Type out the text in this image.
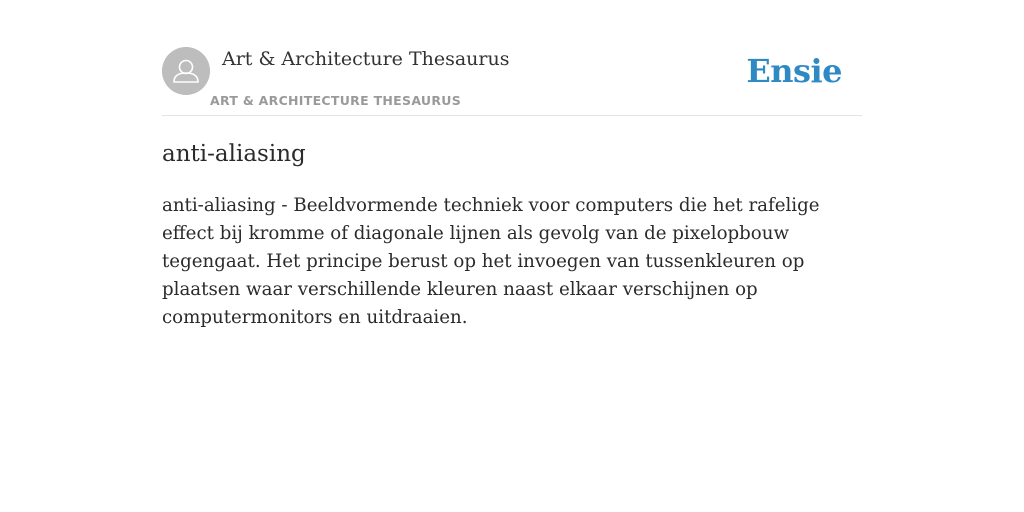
Art & Architecture Thesaurus
ART & ARCHITECTURE THESAURUS
Ensie
anti-aliasing

anti-aliasing - Beeldvormende techniek voor computers die het rafelige effect bij kromme of diagonale lijnen als gevolg van de pixelopbouw tegengaat. Het principe berust op het invoegen van tussenkleuren op plaatsen waar verschillende kleuren naast elkaar verschijnen op computermonitors en uitdraaien.
